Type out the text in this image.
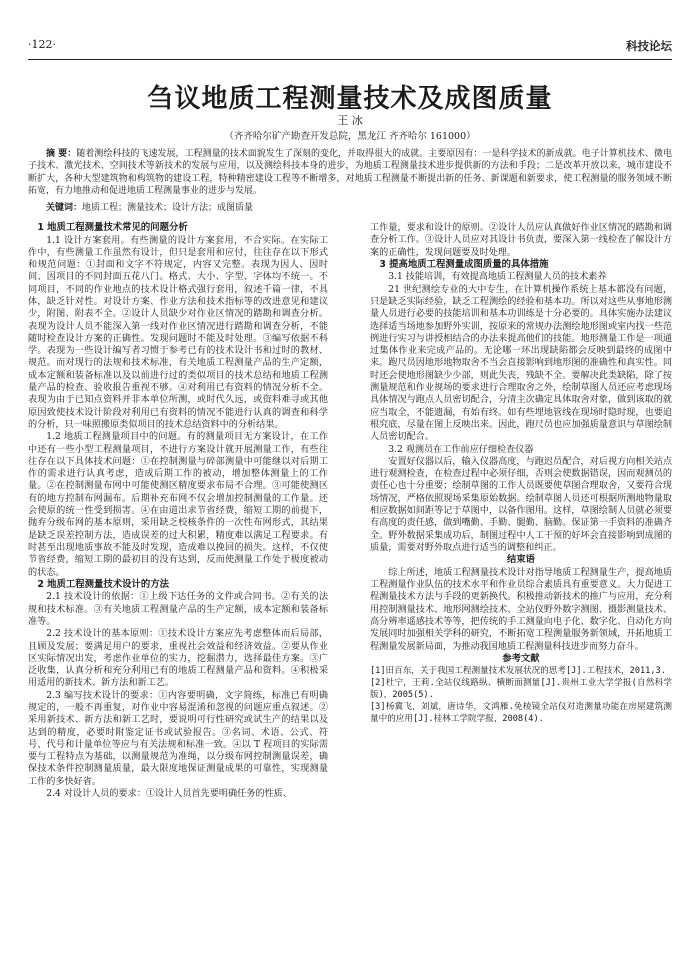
·122·	科技论坛
刍议地质工程测量技术及成图质量
王 冰
（齐齐哈尔矿产勘查开发总院，黑龙江 齐齐哈尔 161000）
摘 要：随着测绘科技的飞速发展，工程测量的技术面貌发生了深刻的变化，并取得很大的成就。主要原因有：一是科学技术的新成就。电子计算机技术、微电子技术、激光技术、空间技术等新技术的发展与应用，以及测绘科技本身的进步，为地质工程测量技术进步提供新的方法和手段；二是改革开放以来，城市建设不断扩大，各种大型建筑物和构筑物的建设工程，特种精密建设工程等不断增多，对地质工程测量不断提出新的任务、新课题和新要求，使工程测量的服务领域不断拓宽，有力地推动和促进地质工程测量事业的进步与发展。
关键词：地质工程；测量技术；设计方法；成图质量
1 地质工程测量技术常见的问题分析

1.1 设计方案套用。有些测量的设计方案套用，不合实际。在实际工作中，有些测量工作虽然有设计，但只是套用和应付，往往存在以下形式和规范问题：①封面和文字不符规定，内容又完整。表现为因人、因时间、因项目的不同封面五花八门。格式、大小、字型、字体均不统一。不同项目，不同的作业地点的技术设计格式强行套用，叙述千篇一律，不具体，缺乏针对性。对设计方案、作业方法和技术指标等的改进意见和建议少，附图、附表不全。②设计人员缺少对作业区情况的踏勘和调查分析。表现为设计人员不能深入第一线对作业区情况进行踏勘和调查分析，不能随时检查设计方案的正确性。发现问题时不能及时处理。③编写依据不科学。表现为一些设计编写者习惯于参考已有的技术设计书和过时的教材、规范。而对现行的法规和技术标准，有关地质工程测量产品的生产定额，成本定额和装备标准以及以前进行过的类似项目的技术总结和地质工程测量产品的检查、验收报告重视不够。④对利用已有资料的情况分析不全。表现为由于已知点资料并非本单位所测，或时代久远，或资料难寻或其他原因致使技术设计阶段对利用已有资料的情况不能进行认真的调查和科学的分析，只一味照搬原类似项目的技术总结资料中的分析结果。

1.2 地质工程测量项目中的问题。有的测量项目无方案设计，在工作中还有一些小型工程测量项目，不进行方案设计就开展测量工作，有些往往存在以下具体技术问题：①在控制测量与碎部测量中可能继以对后期工作的需求进行认真考虑，造成后期工作的被动，增加整体测量上的工作量。②在控制测量布网中可能使测区精度要求布局不合理。③可能使测区有的地方控制布网漏布。后期补充布网不仅会增加控制测量的工作量。还会使原的统一性受到损害。④在由道出求节省经费，缩短工期的前提下，抛弃分级布网的基本原则，采用缺乏校核条件的一次性布网形式，其结果是缺乏误差控制方法，造成误差的过大积累，精度难以满足工程要求。有时甚至出现地质事故不能及时发现，造成难以挽回的损失。这样，不仅使节省经费，缩短工期的最初目的没有达到，反而使测量工作处于极度被动的状态。

2 地质工程测量技术设计的方法

2.1 技术设计的依据：①上级下达任务的文件或合同书。②有关的法规和技术标准。③有关地质工程测量产品的生产定额，成本定额和装备标准等。

2.2 技术设计的基本原则：①技术设计方案应先考虑整体而后局部，且顾及发展；要满足用户的要求，重视社会效益和经济效益。②要从作业区实际情况出发，考虑作业单位的实力，挖掘潜力，选择最佳方案。③广泛收集，认真分析和充分利用已有的地质工程测量产品和资料。④积极采用适用的新技术、新方法和新工艺。

2.3 编写技术设计的要求：①内容要明确，文字简练，标准已有明确规定的，一般不再重复，对作业中容易混淆和忽视的问题应重点叙述。②采用新技术、新方法和新工艺时，要说明可行性研究或试生产的结果以及达到的精度，必要时附鉴定证书或试验报告。③名词、术语、公式、符号、代号和计量单位等应与有关法规和标准一致。④以 T 程项目的实际需要与工程特点为基础，以测量规范为准绳，以分级布网控制测量误差，确保技术条件控制测量质量，最大限度地保证测量成果的可靠性，实现测量工作的多快好省。

2.4 对设计人员的要求：①设计人员首先要明确任务的性质、

工作量，要求和设计的原则。②设计人员应认真做好作业区情况的踏勘和调查分析工作。③设计人员应对其设计书负责，要深入第一线检查了解设计方案的正确性，发现问题要及时处理。

3 提高地质工程测量成图质量的具体措施

3.1 技能培训，有效提高地质工程测量人员的技术素养

21 世纪测绘专业的大中专生，在计算机操作系统上基本都没有问题，只是缺乏实际经验，缺乏工程测绘的经验和基本功。所以对这些从事地形测量人员进行必要的技能培训和基本功训练是十分必要的。具体实施办法建议选择适当场地参加野外实训，按原来的常规办法测绘地形图或室内找一些范例进行实习与讲授相结合的办法来提高他们的技能。地形测量工作是一项通过集体作业来完成产品的。无论哪一环出现缺陷都会反映到最终的成图中来。跑尺员因地形地物取舍不当会直接影响到地形图的准确性和真实性。同时还会使地形图缺少少部，则此失丧，残缺不全。要解决此类缺陷，除了按测量规范和作业规场的要求进行合理取舍之外，绘制草图人员还应考虑现场具体情况与跑点人员密切配合，分清主次确定具体取舍对象，做到该取的就应当取全，不能遗漏，有始有终。如有些埋地管线在现场时隐时现，也要追根究底，尽量在图上反映出来。因此，跑尺员也应加强质量意识与草图绘制人员密切配合。

3.2 观测员在工作前应仔细检查仪器

安置好仪器以后，输入仪器高度，与跑迟员配合，对后视方向相关站点进行观测检查，在检查过程中必须仔细，否则会使数据错误，因而观测员的责任心也十分重要；绘制草图的工作人员既要使草图合理取舍，又要符合现场情况，严格依照现场采集原始数据。绘制草图人员还可根据所测地物量取相应数据如间距等记于草图中，以备作图用。这样，草图绘制人员就必须要有高度的责任感，做到嘴勤、手勤、腿勤、脑勤。保证第一手资料的准确齐全。野外数据采集成功后，制图过程中人工干预的好坏会直接影响到成图的质量，需要对野外取点进行适当的调整和纠正。

结束语

综上所述，地质工程测量技术设计对指导地质工程测量生产，提高地质工程测量作业队伍的技术水平和作业员综合素质具有重要意义。大力促进工程测量技术方法与手段的更新换代。积极推动新技术的推广与应用，充分利用控制测量技术、地形网测绘技术、全站仪野外数字测图、摄影测量技术、高分辨率遥感技术等等，把传统的手工测量向电子化、数字化、自动化方向发展同时加强相关学科的研究，不断拓宽工程测量服务新领域，开拓地质工程测量发展新局面，为推动我国地质工程测量科技进步而努力奋斗。

参考文献

[1]田百东，关于我国工程测量技术发展状况的思考[J].工程技术，2011,3.

[2]杜宁，王莉.全站仪线路纵、横断面测量[J].贵州工业大学学报(自然科学版)，2005(5).

[3]杨冀飞，刘斌，唐诗华，文鸿雁.免棱镜全站仪对造测量功能在房屋建筑测量中的应用[J].桂林工学院学报，2008(4).
